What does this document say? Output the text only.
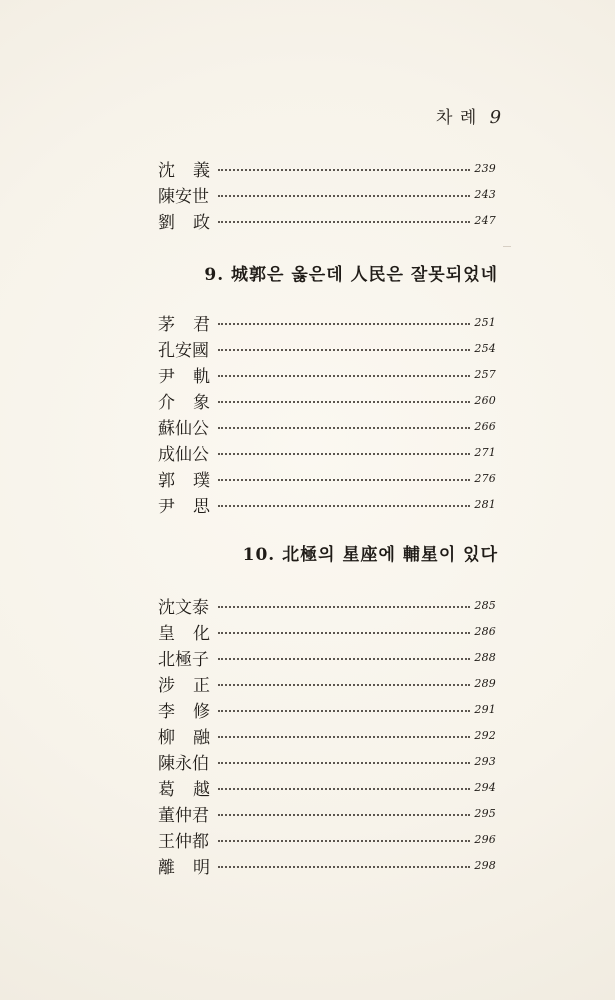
차 례 9
沈 義	239
陳安世	243
劉 政	247
9. 城郭은 옳은데 人民은 잘못되었네
茅 君	251
孔安國	254
尹 軌	257
介 象	260
蘇仙公	266
成仙公	271
郭 璞	276
尹 思	281
10. 北極의 星座에 輔星이 있다
沈文泰	285
皇 化	286
北極子	288
涉 正	289
李 修	291
柳 融	292
陳永伯	293
葛 越	294
董仲君	295
王仲都	296
離 明	298
